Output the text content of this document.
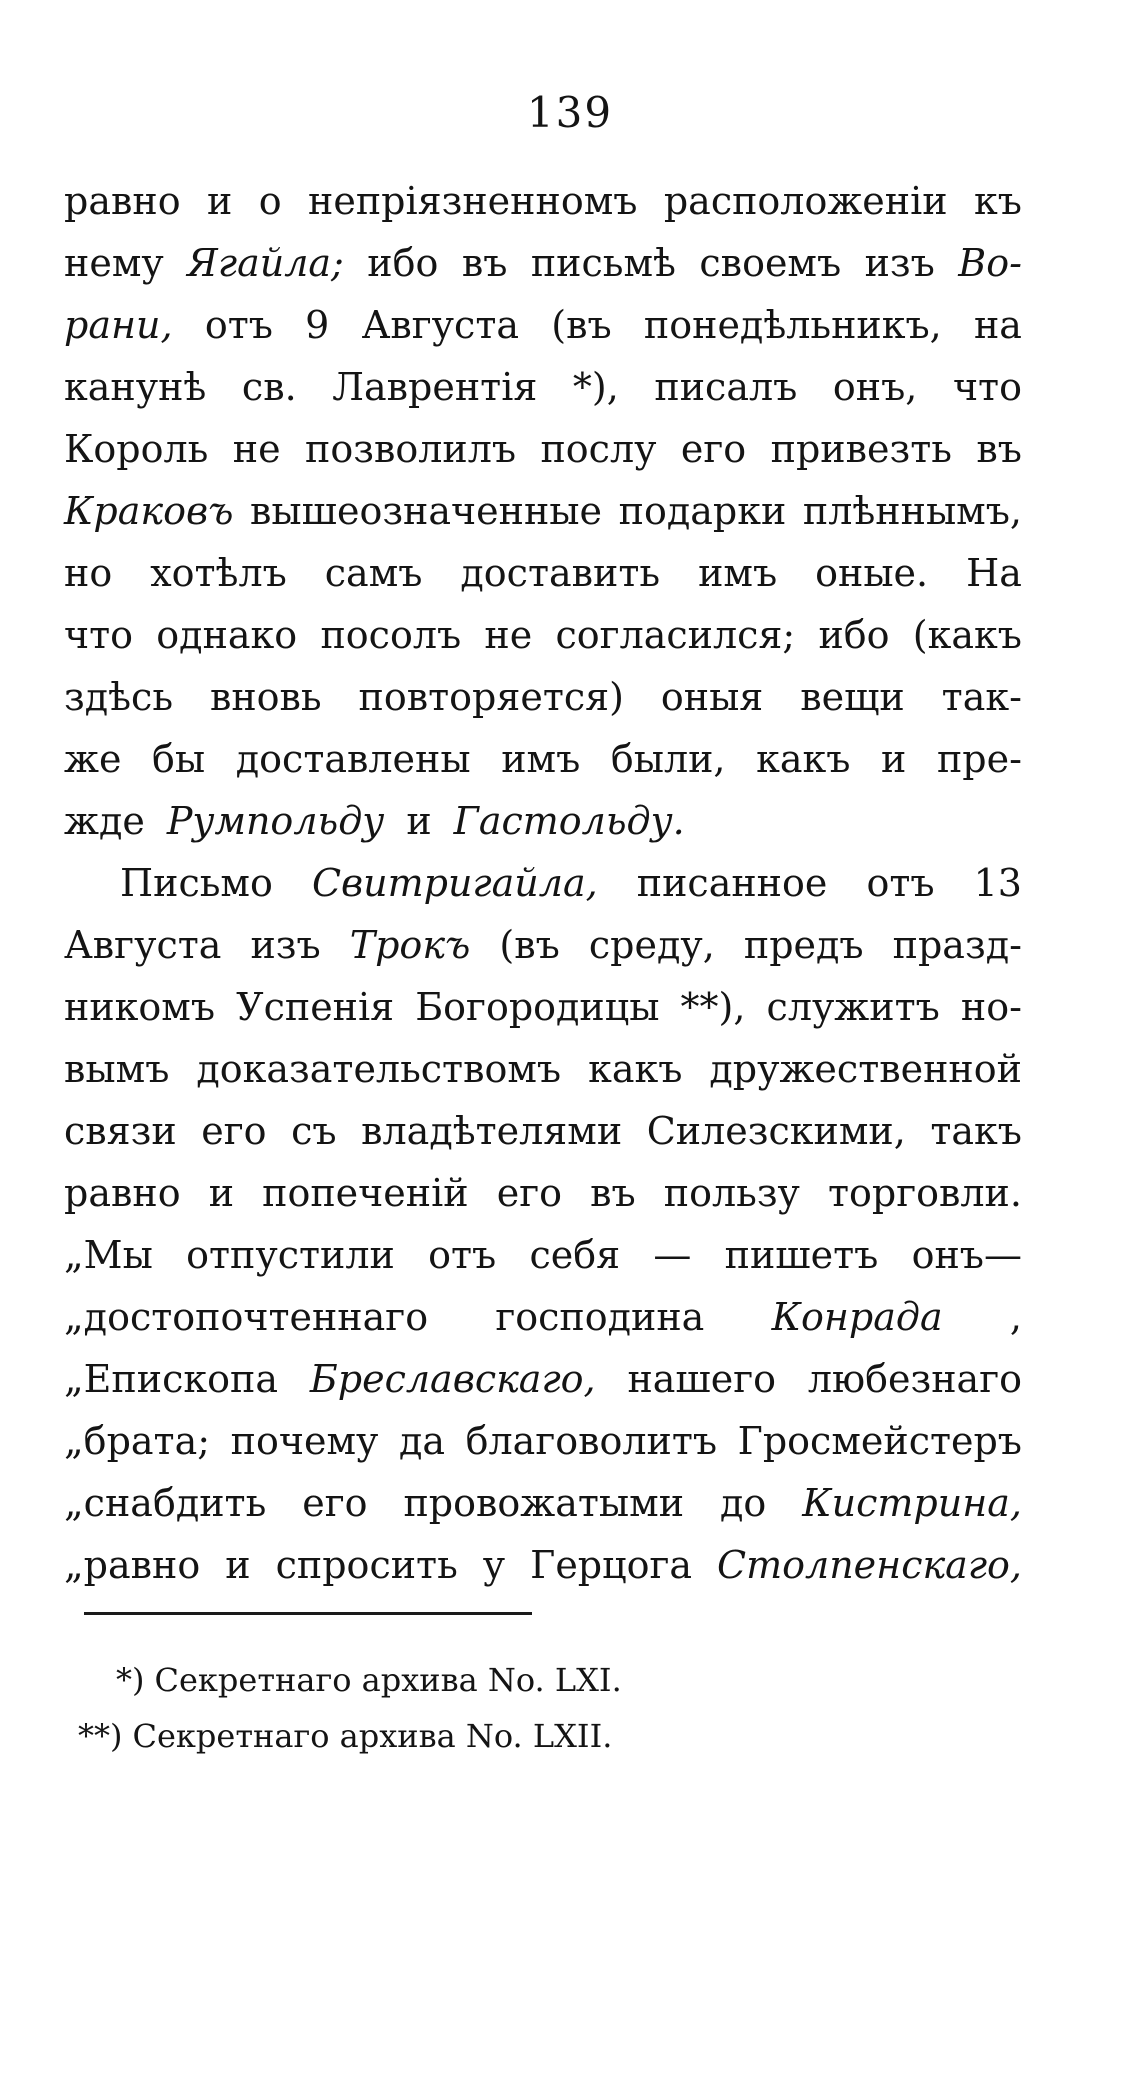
139
равно и о непріязненномъ расположеніи къ
нему Ягайла; ибо въ письмѣ своемъ изъ Во-
рани, отъ 9 Августа (въ понедѣльникъ, на
канунѣ св. Лаврентія *), писалъ онъ, что
Король не позволилъ послу его привезть въ
Краковъ вышеозначенные подарки плѣннымъ,
но хотѣлъ самъ доставить имъ оные. На
что однако посолъ не согласился; ибо (какъ
здѣсь вновь повторяется) оныя вещи так-
же бы доставлены имъ были, какъ и пре-
жде Румпольду и Гастольду.
Письмо Свитригайла, писанное отъ 13
Августа изъ Трокъ (въ среду, предъ празд-
никомъ Успенія Богородицы **), служитъ но-
вымъ доказательствомъ какъ дружественной
связи его съ владѣтелями Силезскими, такъ
равно и попеченій его въ пользу торговли.
„Мы отпустили отъ себя — пишетъ онъ—
„достопочтеннаго господина Конрада ,
„Епископа Бреславскаго, нашего любезнаго
„брата; почему да благоволитъ Гросмейстеръ
„снабдить его провожатыми до Кистрина,
„равно и спросить у Герцога Столпенскаго,
*) Секретнаго архива No. LXI.
**) Секретнаго архива No. LXII.
